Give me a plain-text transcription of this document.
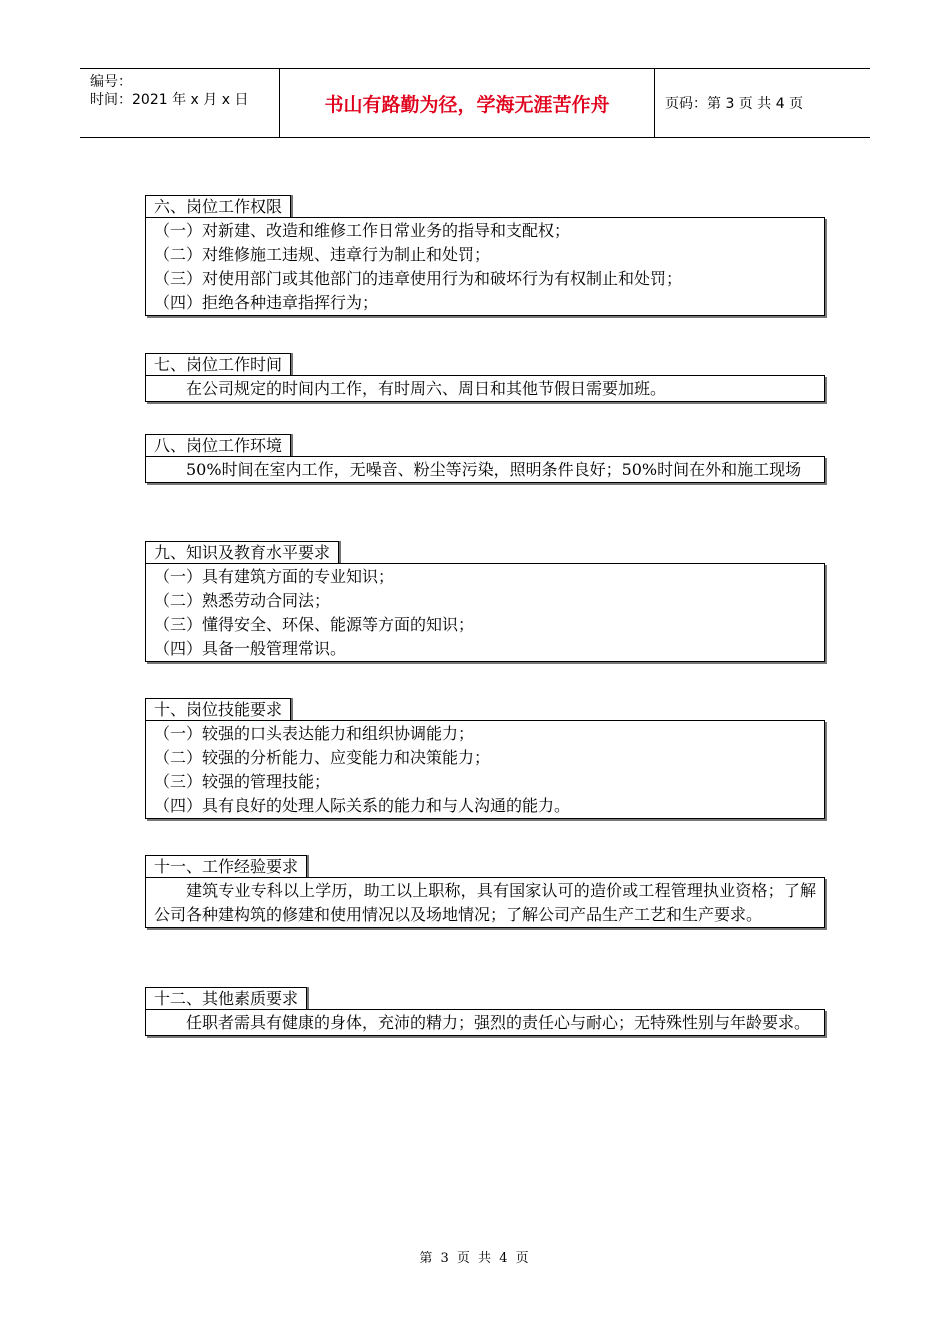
编号：
时间：2021 年 x 月 x 日	书山有路勤为径，学海无涯苦作舟	页码：第 3 页 共 4 页
六、岗位工作权限
（一）对新建、改造和维修工作日常业务的指导和支配权；
（二）对维修施工违规、违章行为制止和处罚；
（三）对使用部门或其他部门的违章使用行为和破坏行为有权制止和处罚；
（四）拒绝各种违章指挥行为；
七、岗位工作时间
在公司规定的时间内工作，有时周六、周日和其他节假日需要加班。
八、岗位工作环境
50%时间在室内工作，无噪音、粉尘等污染，照明条件良好；50%时间在外和施工现场
九、知识及教育水平要求
（一）具有建筑方面的专业知识；
（二）熟悉劳动合同法；
（三）懂得安全、环保、能源等方面的知识；
（四）具备一般管理常识。
十、岗位技能要求
（一）较强的口头表达能力和组织协调能力；
（二）较强的分析能力、应变能力和决策能力；
（三）较强的管理技能；
（四）具有良好的处理人际关系的能力和与人沟通的能力。
十一、工作经验要求
建筑专业专科以上学历，助工以上职称，具有国家认可的造价或工程管理执业资格；了解公司各种建构筑的修建和使用情况以及场地情况；了解公司产品生产工艺和生产要求。
十二、其他素质要求
任职者需具有健康的身体，充沛的精力；强烈的责任心与耐心；无特殊性别与年龄要求。
第 3 页 共 4 页
